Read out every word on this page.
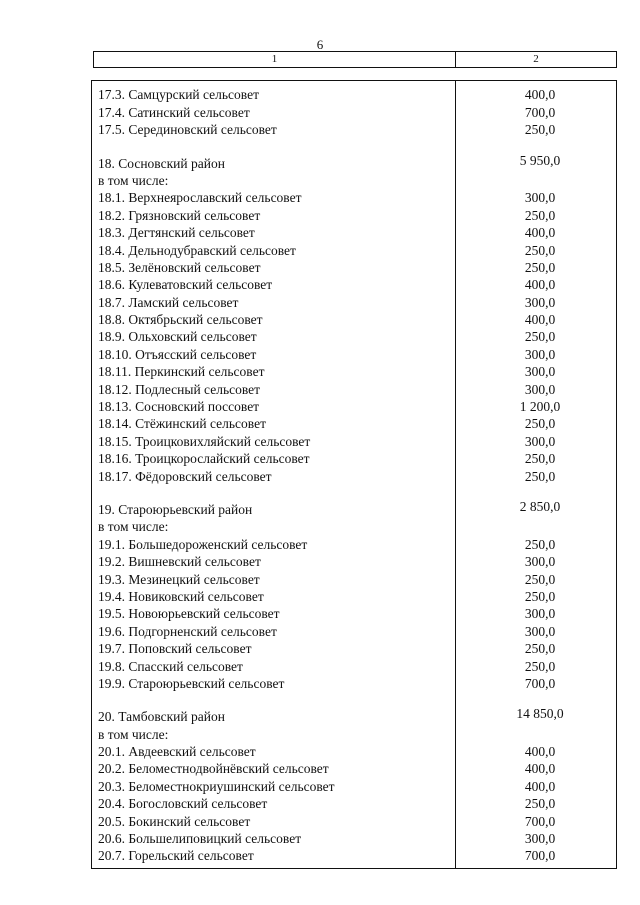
6
1	2
17.3. Самцурский сельсовет	400,0
17.4. Сатинский сельсовет	700,0
17.5. Серединовский сельсовет	250,0
18. Сосновский район	5 950,0
в том числе:
18.1. Верхнеярославский сельсовет	300,0
18.2. Грязновский сельсовет	250,0
18.3. Дегтянский сельсовет	400,0
18.4. Дельнодубравский сельсовет	250,0
18.5. Зелёновский сельсовет	250,0
18.6. Кулеватовский сельсовет	400,0
18.7. Ламский сельсовет	300,0
18.8. Октябрьский сельсовет	400,0
18.9. Ольховский сельсовет	250,0
18.10. Отъясский сельсовет	300,0
18.11. Перкинский сельсовет	300,0
18.12. Подлесный сельсовет	300,0
18.13. Сосновский поссовет	1 200,0
18.14. Стёжинский сельсовет	250,0
18.15. Троицковихляйский сельсовет	300,0
18.16. Троицкорослайский сельсовет	250,0
18.17. Фёдоровский сельсовет	250,0
19. Староюрьевский район	2 850,0
в том числе:
19.1. Большедороженский сельсовет	250,0
19.2. Вишневский сельсовет	300,0
19.3. Мезинецкий сельсовет	250,0
19.4. Новиковский сельсовет	250,0
19.5. Новоюрьевский сельсовет	300,0
19.6. Подгорненский сельсовет	300,0
19.7. Поповский сельсовет	250,0
19.8. Спасский сельсовет	250,0
19.9. Староюрьевский сельсовет	700,0
20. Тамбовский район	14 850,0
в том числе:
20.1. Авдеевский сельсовет	400,0
20.2. Беломестнодвойнёвский сельсовет	400,0
20.3. Беломестнокриушинский сельсовет	400,0
20.4. Богословский сельсовет	250,0
20.5. Бокинский сельсовет	700,0
20.6. Большелиповицкий сельсовет	300,0
20.7. Горельский сельсовет	700,0
